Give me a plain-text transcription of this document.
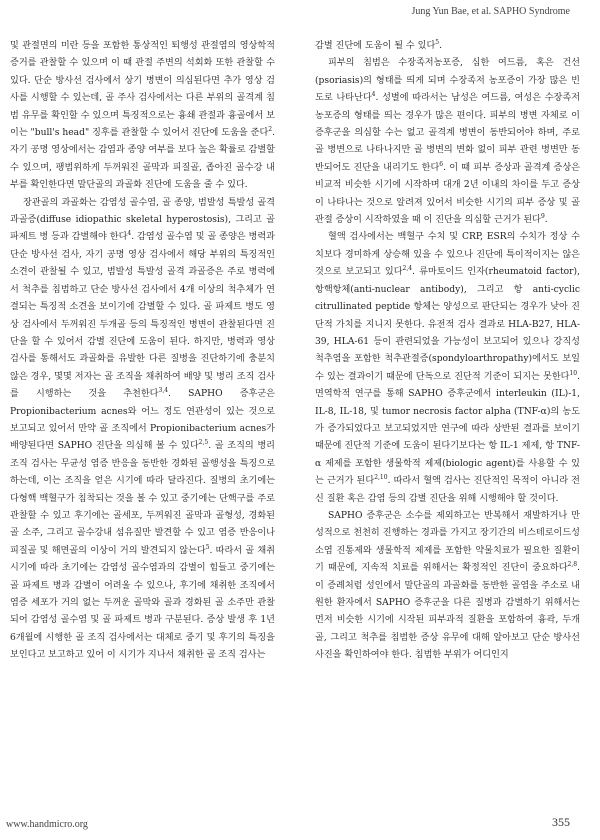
Jung Yun Bae, et al. SAPHO Syndrome

및 관절면의 미란 등을 포함한 통상적인 퇴행성 관절염의 영상학적 증거를 관찰할 수 있으며 이 때 관절 주변의 석회화 또한 관찰할 수 있다. 단순 방사선 검사에서 상기 병변이 의심된다면 추가 영상 검사를 시행할 수 있는데, 골 주사 검사에서는 다른 부위의 골격계 침범 유무를 확인할 수 있으며 특징적으로는 흉쇄 관절과 흉골에서 보이는 "bull's head" 징후를 관찰할 수 있어서 진단에 도움을 준다$^2$. 자기 공명 영상에서는 감염과 종양 여부를 보다 높은 확률로 감별할 수 있으며, 팽범위하게 두꺼워진 골막과 피질골, 좁아진 골수강 내부를 확인한다면 말단골의 과골화 진단에 도움을 줄 수 있다.

장관골의 과골화는 감염성 골수염, 골 종양, 범발성 특발성 골격 과골증(diffuse idiopathic skeletal hyperostosis), 그리고 골 파제트 병 등과 감별해야 한다$^4$. 감염성 골수염 및 골 종양은 병력과 단순 방사선 검사, 자기 공명 영상 검사에서 해당 부위의 특징적인 소견이 관찰될 수 있고, 범발성 특발성 골격 과골증은 주로 병력에서 척추를 침범하고 단순 방사선 검사에서 4개 이상의 척추체가 연결되는 특징적 소견을 보이기에 감별할 수 있다. 골 파제트 병도 영상 검사에서 두꺼워진 두개골 등의 특징적인 병변이 관찰된다면 진단을 할 수 있어서 감별 진단에 도움이 된다. 하지만, 병력과 영상 검사를 통해서도 과골화를 유발한 다른 질병을 진단하기에 충분치 않은 경우, 몇몇 저자는 골 조직을 채취하여 배양 및 병리 조직 검사를 시행하는 것을 추천한다$^{3,4}$. SAPHO 증후군은 Propionibacterium acnes와 어느 정도 연관성이 있는 것으로 보고되고 있어서 만약 골 조직에서 Propionibacterium acnes가 배양된다면 SAPHO 진단을 의심해 볼 수 있다$^{2,5}$. 골 조직의 병리 조직 검사는 무균성 염증 반응을 동반한 경화된 골행성을 특징으로 하는데, 이는 조직을 얻은 시기에 따라 달라진다. 질병의 초기에는 다형핵 백혈구가 침착되는 것을 볼 수 있고 중기에는 단핵구를 주로 관찰할 수 있고 후기에는 골세포, 두꺼워진 골막과 골형성, 경화된 골 소주, 그리고 골수강내 섬유질만 발견할 수 있고 염증 반응이나 피질골 및 해면골의 이상이 거의 발견되지 않는다$^5$. 따라서 골 채취 시기에 따라 초기에는 감염성 골수염과의 감별이 힘들고 중기에는 골 파제트 병과 감별이 어려울 수 있으나, 후기에 채취한 조직에서 염증 세포가 거의 없는 두꺼운 골막와 골과 경화된 골 소주만 관찰되어 감염성 골수염 및 골 파제트 병과 구분된다. 증상 발생 후 1년 6개월에 시행한 골 조직 검사에서는 대체로 중기 및 후기의 특징을 보인다고 보고하고 있어 이 시기가 지나서 채취한 골 조직 검사는

감별 진단에 도움이 될 수 있다$^5$.

피부의 침범은 수장족저농포증, 심한 여드름, 혹은 건선(psoriasis)의 형태를 띄게 되며 수장족저 농포증이 가장 많은 빈도로 나타난다$^4$. 성별에 따라서는 남성은 여드름, 여성은 수장족저농포증의 형태를 띄는 경우가 많은 편이다. 피부의 병변 자체로 이 증후군을 의심할 수는 없고 골격계 병변이 동반되어야 하며, 주로 골 병변으로 나타나지만 골 병변의 변화 없이 피부 관련 병변만 동반되어도 진단을 내리기도 한다$^6$. 이 때 피부 증상과 골격계 증상은 비교적 비슷한 시기에 시작하며 대개 2년 이내의 차이를 두고 증상이 나타나는 것으로 알려져 있어서 비슷한 시기의 피부 증상 및 골관절 증상이 시작하였을 때 이 진단을 의심할 근거가 된다$^9$.

혈액 검사에서는 백혈구 수치 및 CRP, ESR의 수치가 정상 수치보다 경미하게 상승해 있을 수 있으나 진단에 특이적이지는 않은 것으로 보고되고 있다$^{2,4}$. 류마토이드 인자(rheumatoid factor), 항핵항체(anti-nuclear antibody), 그리고 항 anti-cyclic citrullinated peptide 항체는 양성으로 판단되는 경우가 낮아 진단적 가치를 지니지 못한다. 유전적 검사 결과로 HLA-B27, HLA-39, HLA-61 등이 관련되었을 가능성이 보고되어 있으나 강직성 척추염을 포함한 척추관절증(spondyloarthropathy)에서도 보일 수 있는 결과이기 때문에 단독으로 진단적 기준이 되지는 못한다$^{10}$. 면역학적 연구를 통해 SAPHO 증후군에서 interleukin (IL)-1, IL-8, IL-18, 및 tumor necrosis factor alpha (TNF-α)의 농도가 증가되었다고 보고되었지만 연구에 따라 상반된 결과를 보이기 때문에 진단적 기준에 도움이 된다기보다는 항 IL-1 제제, 항 TNF-α 제제를 포함한 생물학적 제제(biologic agent)를 사용할 수 있는 근거가 된다$^{2,10}$. 따라서 혈액 검사는 진단적인 목적이 아니라 전신 질환 혹은 감염 등의 감별 진단을 위해 시행해야 할 것이다.

SAPHO 증후군은 소수를 제외하고는 반복해서 재발하거나 만성적으로 천천히 진행하는 경과를 가지고 장기간의 비스테로이드성 소염 진통제와 생물학적 제제를 포함한 약물치료가 필요한 질환이기 때문에, 지속적 치료를 위해서는 확정적인 진단이 중요하다$^{2,8}$. 이 증례처럼 성인에서 말단골의 과골화를 동반한 골염을 주소로 내원한 환자에서 SAPHO 증후군을 다른 질병과 감별하기 위해서는 먼저 비슷한 시기에 시작된 피부과적 질환을 포함하여 흉곽, 두개골, 그리고 척추를 침범한 증상 유무에 대해 알아보고 단순 방사선 사진을 확인하여야 한다. 침범한 부위가 어디인지

www.handmicro.org	355
